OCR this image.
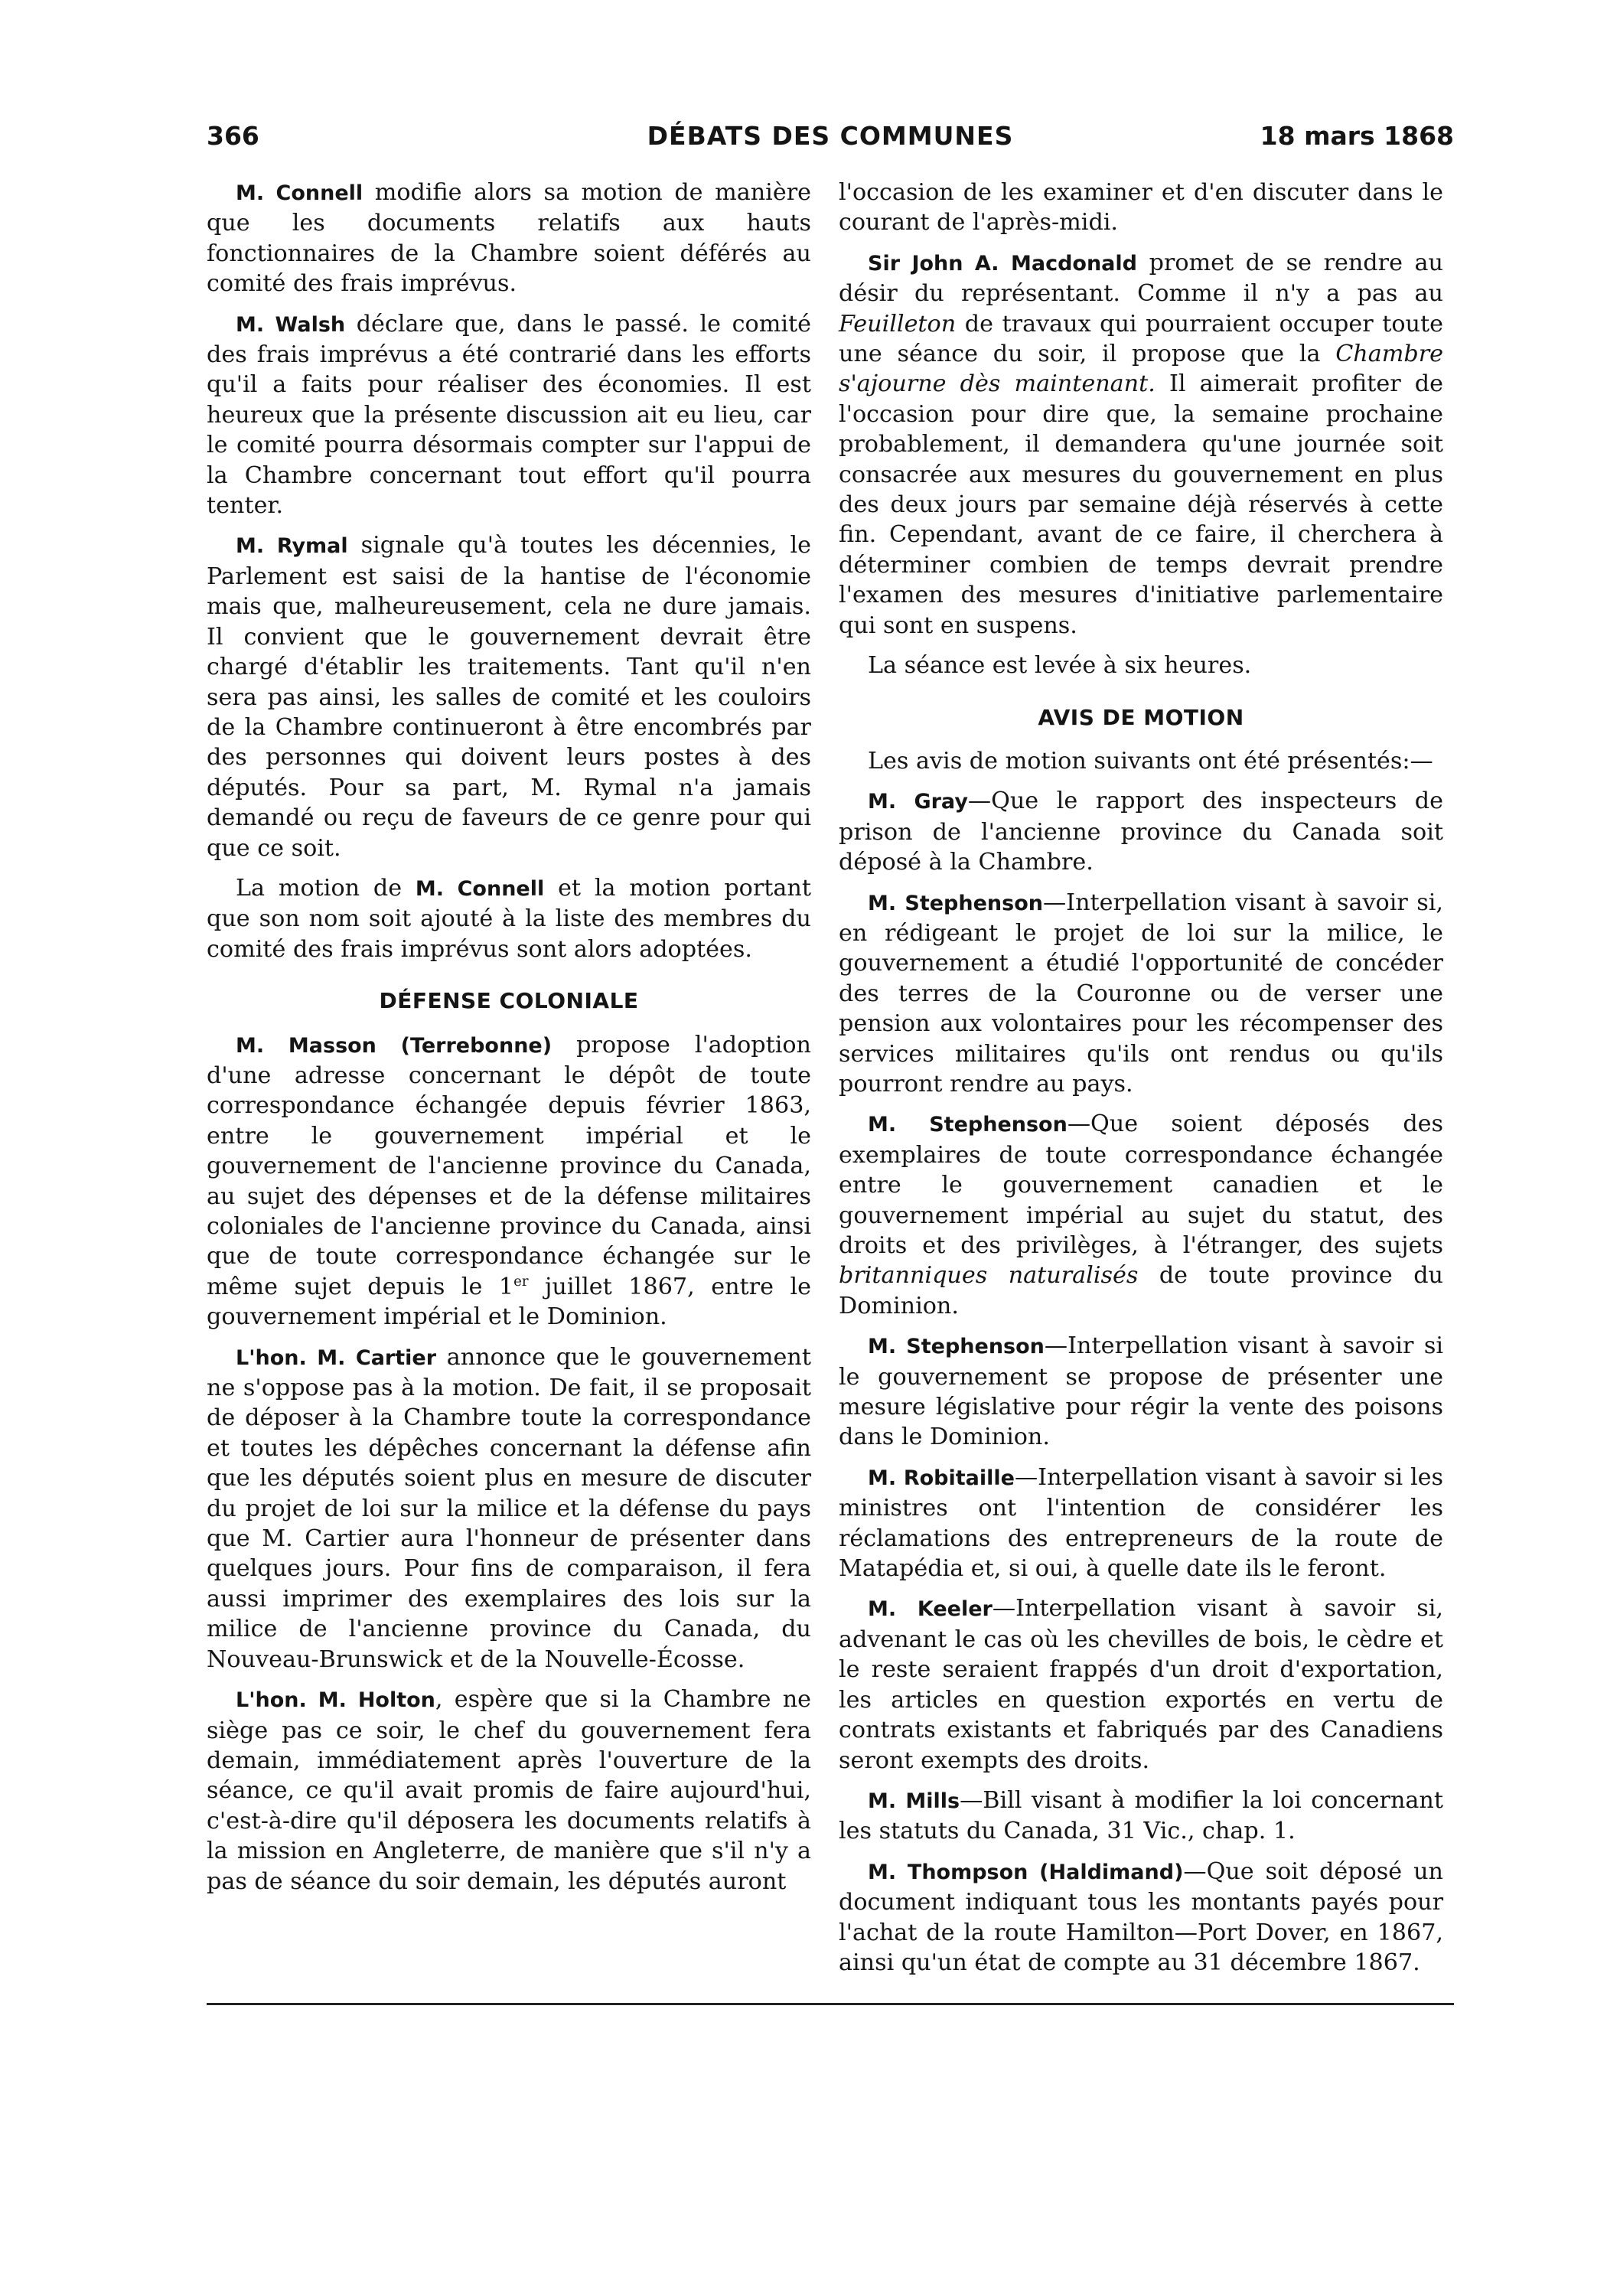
366	DÉBATS DES COMMUNES	18 mars 1868

M. Connell modifie alors sa motion de manière que les documents relatifs aux hauts fonctionnaires de la Chambre soient déférés au comité des frais imprévus.

M. Walsh déclare que, dans le passé. le comité des frais imprévus a été contrarié dans les efforts qu'il a faits pour réaliser des économies. Il est heureux que la présente discussion ait eu lieu, car le comité pourra désormais compter sur l'appui de la Chambre concernant tout effort qu'il pourra tenter.

M. Rymal signale qu'à toutes les décennies, le Parlement est saisi de la hantise de l'économie mais que, malheureusement, cela ne dure jamais. Il convient que le gouvernement devrait être chargé d'établir les traitements. Tant qu'il n'en sera pas ainsi, les salles de comité et les couloirs de la Chambre continueront à être encombrés par des personnes qui doivent leurs postes à des députés. Pour sa part, M. Rymal n'a jamais demandé ou reçu de faveurs de ce genre pour qui que ce soit.

La motion de M. Connell et la motion portant que son nom soit ajouté à la liste des membres du comité des frais imprévus sont alors adoptées.

DÉFENSE COLONIALE

M. Masson (Terrebonne) propose l'adoption d'une adresse concernant le dépôt de toute correspondance échangée depuis février 1863, entre le gouvernement impérial et le gouvernement de l'ancienne province du Canada, au sujet des dépenses et de la défense militaires coloniales de l'ancienne province du Canada, ainsi que de toute correspondance échangée sur le même sujet depuis le 1er juillet 1867, entre le gouvernement impérial et le Dominion.

L'hon. M. Cartier annonce que le gouvernement ne s'oppose pas à la motion. De fait, il se proposait de déposer à la Chambre toute la correspondance et toutes les dépêches concernant la défense afin que les députés soient plus en mesure de discuter du projet de loi sur la milice et la défense du pays que M. Cartier aura l'honneur de présenter dans quelques jours. Pour fins de comparaison, il fera aussi imprimer des exemplaires des lois sur la milice de l'ancienne province du Canada, du Nouveau-Brunswick et de la Nouvelle-Écosse.

L'hon. M. Holton, espère que si la Chambre ne siège pas ce soir, le chef du gouvernement fera demain, immédiatement après l'ouverture de la séance, ce qu'il avait promis de faire aujourd'hui, c'est-à-dire qu'il déposera les documents relatifs à la mission en Angleterre, de manière que s'il n'y a pas de séance du soir demain, les députés auront

l'occasion de les examiner et d'en discuter dans le courant de l'après-midi.

Sir John A. Macdonald promet de se rendre au désir du représentant. Comme il n'y a pas au Feuilleton de travaux qui pourraient occuper toute une séance du soir, il propose que la Chambre s'ajourne dès maintenant. Il aimerait profiter de l'occasion pour dire que, la semaine prochaine probablement, il demandera qu'une journée soit consacrée aux mesures du gouvernement en plus des deux jours par semaine déjà réservés à cette fin. Cependant, avant de ce faire, il cherchera à déterminer combien de temps devrait prendre l'examen des mesures d'initiative parlementaire qui sont en suspens.

La séance est levée à six heures.

AVIS DE MOTION

Les avis de motion suivants ont été présentés:—

M. Gray—Que le rapport des inspecteurs de prison de l'ancienne province du Canada soit déposé à la Chambre.

M. Stephenson—Interpellation visant à savoir si, en rédigeant le projet de loi sur la milice, le gouvernement a étudié l'opportunité de concéder des terres de la Couronne ou de verser une pension aux volontaires pour les récompenser des services militaires qu'ils ont rendus ou qu'ils pourront rendre au pays.

M. Stephenson—Que soient déposés des exemplaires de toute correspondance échangée entre le gouvernement canadien et le gouvernement impérial au sujet du statut, des droits et des privilèges, à l'étranger, des sujets britanniques naturalisés de toute province du Dominion.

M. Stephenson—Interpellation visant à savoir si le gouvernement se propose de présenter une mesure législative pour régir la vente des poisons dans le Dominion.

M. Robitaille—Interpellation visant à savoir si les ministres ont l'intention de considérer les réclamations des entrepreneurs de la route de Matapédia et, si oui, à quelle date ils le feront.

M. Keeler—Interpellation visant à savoir si, advenant le cas où les chevilles de bois, le cèdre et le reste seraient frappés d'un droit d'exportation, les articles en question exportés en vertu de contrats existants et fabriqués par des Canadiens seront exempts des droits.

M. Mills—Bill visant à modifier la loi concernant les statuts du Canada, 31 Vic., chap. 1.

M. Thompson (Haldimand)—Que soit déposé un document indiquant tous les montants payés pour l'achat de la route Hamilton—Port Dover, en 1867, ainsi qu'un état de compte au 31 décembre 1867.
